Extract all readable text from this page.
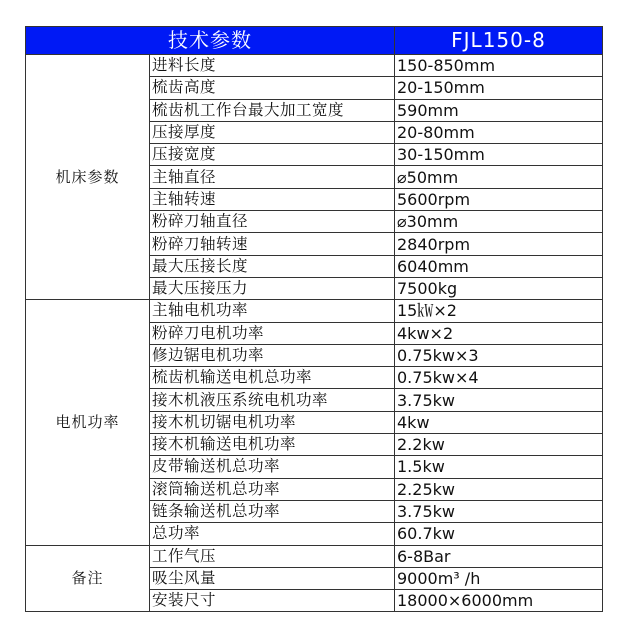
技术参数		FJL150-8
机床参数	进料长度	150-850mm
	梳齿高度	20-150mm
	梳齿机工作台最大加工宽度	590mm
	压接厚度	20-80mm
	压接宽度	30-150mm
	主轴直径	⌀50mm
	主轴转速	5600rpm
	粉碎刀轴直径	⌀30mm
	粉碎刀轴转速	2840rpm
	最大压接长度	6040mm
	最大压接压力	7500kg
电机功率	主轴电机功率	15㎾×2
	粉碎刀电机功率	4kw×2
	修边锯电机功率	0.75kw×3
	梳齿机输送电机总功率	0.75kw×4
	接木机液压系统电机功率	3.75kw
	接木机切锯电机功率	4kw
	接木机输送电机功率	2.2kw
	皮带输送机总功率	1.5kw
	滚筒输送机总功率	2.25kw
	链条输送机总功率	3.75kw
	总功率	60.7kw
备注	工作气压	6-8Bar
	吸尘风量	9000m³ /h
	安装尺寸	18000×6000mm
